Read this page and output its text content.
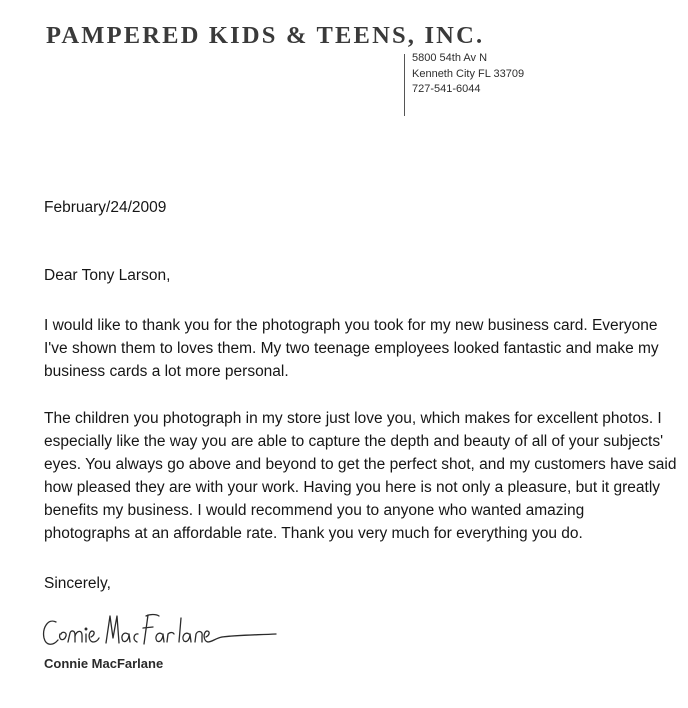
PAMPERED KIDS & TEENS, INC.
5800 54th Av N
Kenneth City FL 33709
727-541-6044
February/24/2009
Dear Tony Larson,

I would like to thank you for the photograph you took for my new business card. Everyone
I've shown them to loves them. My two teenage employees looked fantastic and make my
business cards a lot more personal.

The children you photograph in my store just love you, which makes for excellent photos. I
especially like the way you are able to capture the depth and beauty of all of your subjects'
eyes. You always go above and beyond to get the perfect shot, and my customers have said
how pleased they are with your work. Having you here is not only a pleasure, but it greatly
benefits my business. I would recommend you to anyone who wanted amazing
photographs at an affordable rate. Thank you very much for everything you do.

Sincerely,
Connie MacFarlane
